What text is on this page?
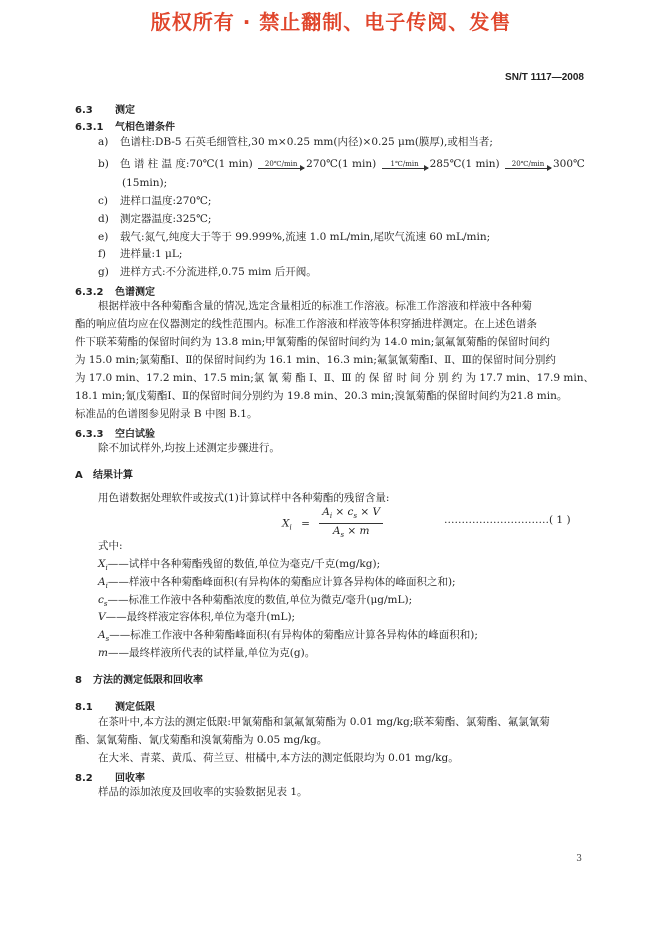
版权所有 · 禁止翻制、电子传阅、发售
SN/T 1117—2008
6.3 测定
6.3.1 气相色谱条件
a) 色谱柱:DB-5 石英毛细管柱,30 m×0.25 mm(内径)×0.25 μm(膜厚),或相当者;
b) 色 谱 柱 温 度:70℃(1 min)	20℃/min 270℃(1 min)	1℃/min	285℃(1 min)	20℃/min 300℃
(15min);
c) 进样口温度:270℃;
d) 测定器温度:325℃;
e) 载气:氮气,纯度大于等于 99.999%,流速 1.0 mL/min,尾吹气流速 60 mL/min;
f) 进样量:1 μL;
g) 进样方式:不分流进样,0.75 mim 后开阀。
6.3.2 色谱测定
根据样液中各种菊酯含量的情况,选定含量相近的标准工作溶液。标准工作溶液和样液中各种菊
酯的响应值均应在仪器测定的线性范围内。标准工作溶液和样液等体积穿插进样测定。在上述色谱条
件下联苯菊酯的保留时间约为 13.8 min;甲氰菊酯的保留时间约为 14.0 min;氯氟氰菊酯的保留时间约
为 15.0 min;氯菊酯Ⅰ、Ⅱ的保留时间约为 16.1 min、16.3 min;氟氯氰菊酯Ⅰ、Ⅱ、Ⅲ的保留时间分别约
为 17.0 min、17.2 min、17.5 min;氯 氰 菊 酯 Ⅰ、Ⅱ、Ⅲ 的 保 留 时 间 分 别 约 为 17.7 min、17.9 min、
18.1 min;氰戊菊酯Ⅰ、Ⅱ的保留时间分别约为 19.8 min、20.3 min;溴氰菊酯的保留时间约为21.8 min。
标准品的色谱图参见附录 B 中图 B.1。
6.3.3 空白试验
除不加试样外,均按上述测定步骤进行。
A 结果计算
用色谱数据处理软件或按式(1)计算试样中各种菊酯的残留含量:
$X_i = \frac{A_i \times c_s \times V}{A_s \times m}$	…………………………( 1 )
式中:
$X_i——$试样中各种菊酯残留的数值,单位为毫克/千克(mg/kg);
$A_i——$样液中各种菊酯峰面积(有异构体的菊酯应计算各异构体的峰面积之和);
$c_s——$标准工作液中各种菊酯浓度的数值,单位为微克/毫升(μg/mL);
V——最终样液定容体积,单位为毫升(mL);
$A_s——$标准工作液中各种菊酯峰面积(有异构体的菊酯应计算各异构体的峰面积和);
m——最终样液所代表的试样量,单位为克(g)。
8 方法的测定低限和回收率
8.1 测定低限
在茶叶中,本方法的测定低限:甲氰菊酯和氯氟氰菊酯为 0.01 mg/kg;联苯菊酯、氯菊酯、氟氯氰菊
酯、氯氰菊酯、氰戊菊酯和溴氰菊酯为 0.05 mg/kg。
在大米、青菜、黄瓜、荷兰豆、柑橘中,本方法的测定低限均为 0.01 mg/kg。
8.2 回收率
样品的添加浓度及回收率的实验数据见表 1。
3
